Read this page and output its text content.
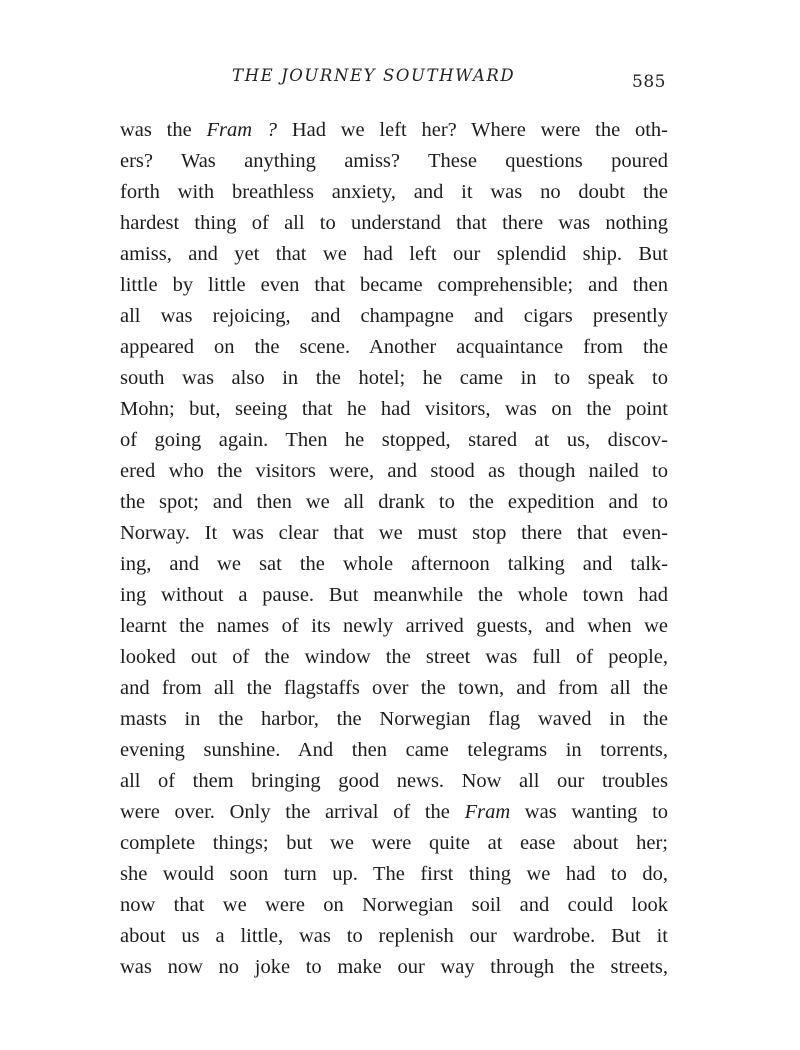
THE JOURNEY SOUTHWARD	585
was the Fram ? Had we left her? Where were the oth-
ers? Was anything amiss? These questions poured
forth with breathless anxiety, and it was no doubt the
hardest thing of all to understand that there was nothing
amiss, and yet that we had left our splendid ship. But
little by little even that became comprehensible; and then
all was rejoicing, and champagne and cigars presently
appeared on the scene. Another acquaintance from the
south was also in the hotel; he came in to speak to
Mohn; but, seeing that he had visitors, was on the point
of going again. Then he stopped, stared at us, discov-
ered who the visitors were, and stood as though nailed to
the spot; and then we all drank to the expedition and to
Norway. It was clear that we must stop there that even-
ing, and we sat the whole afternoon talking and talk-
ing without a pause. But meanwhile the whole town had
learnt the names of its newly arrived guests, and when we
looked out of the window the street was full of people,
and from all the flagstaffs over the town, and from all the
masts in the harbor, the Norwegian flag waved in the
evening sunshine. And then came telegrams in torrents,
all of them bringing good news. Now all our troubles
were over. Only the arrival of the Fram was wanting to
complete things; but we were quite at ease about her;
she would soon turn up. The first thing we had to do,
now that we were on Norwegian soil and could look
about us a little, was to replenish our wardrobe. But it
was now no joke to make our way through the streets,
